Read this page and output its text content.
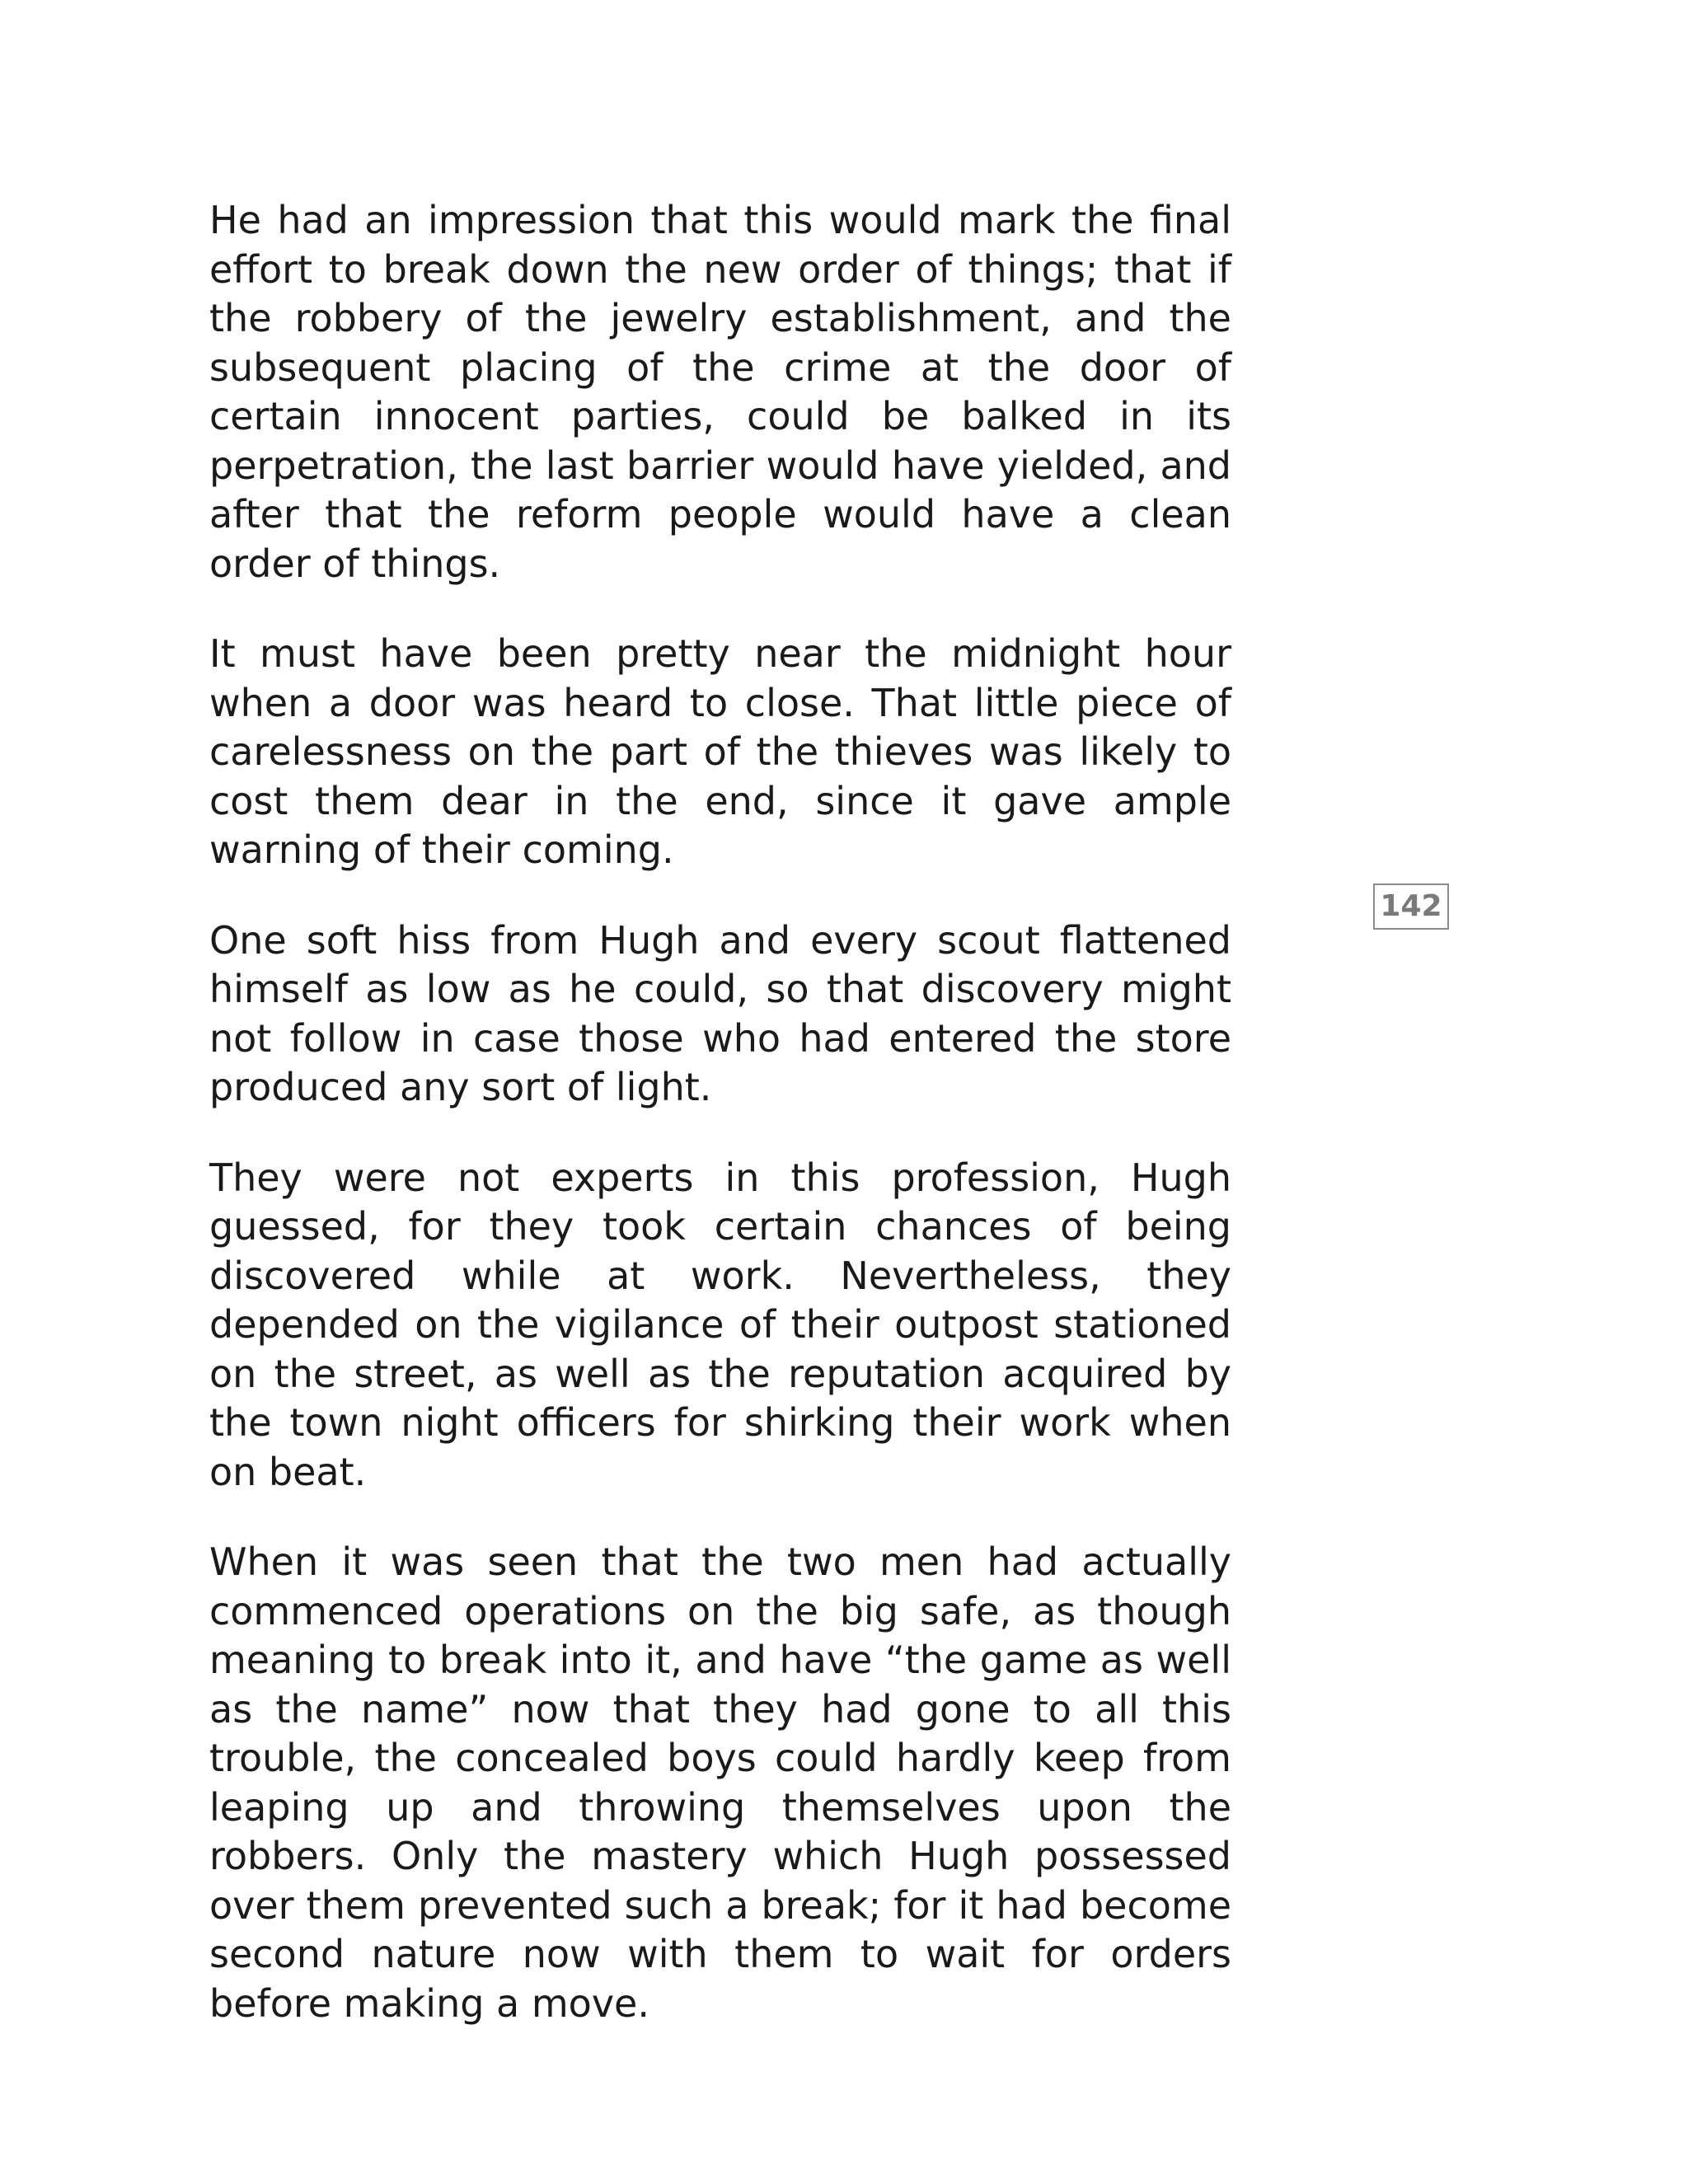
He had an impression that this would mark the final effort to break down the new order of things; that if the robbery of the jewelry establishment, and the subsequent placing of the crime at the door of certain innocent parties, could be balked in its perpetration, the last barrier would have yielded, and after that the reform people would have a clean order of things.

It must have been pretty near the midnight hour when a door was heard to close. That little piece of carelessness on the part of the thieves was likely to cost them dear in the end, since it gave ample warning of their coming.

One soft hiss from Hugh and every scout flattened himself as low as he could, so that discovery might not follow in case those who had entered the store produced any sort of light.

They were not experts in this profession, Hugh guessed, for they took certain chances of being discovered while at work. Nevertheless, they depended on the vigilance of their outpost stationed on the street, as well as the reputation acquired by the town night officers for shirking their work when on beat.

When it was seen that the two men had actually commenced operations on the big safe, as though meaning to break into it, and have “the game as well as the name” now that they had gone to all this trouble, the concealed boys could hardly keep from leaping up and throwing themselves upon the robbers. Only the mastery which Hugh possessed over them prevented such a break; for it had become second nature now with them to wait for orders before making a move.

142
